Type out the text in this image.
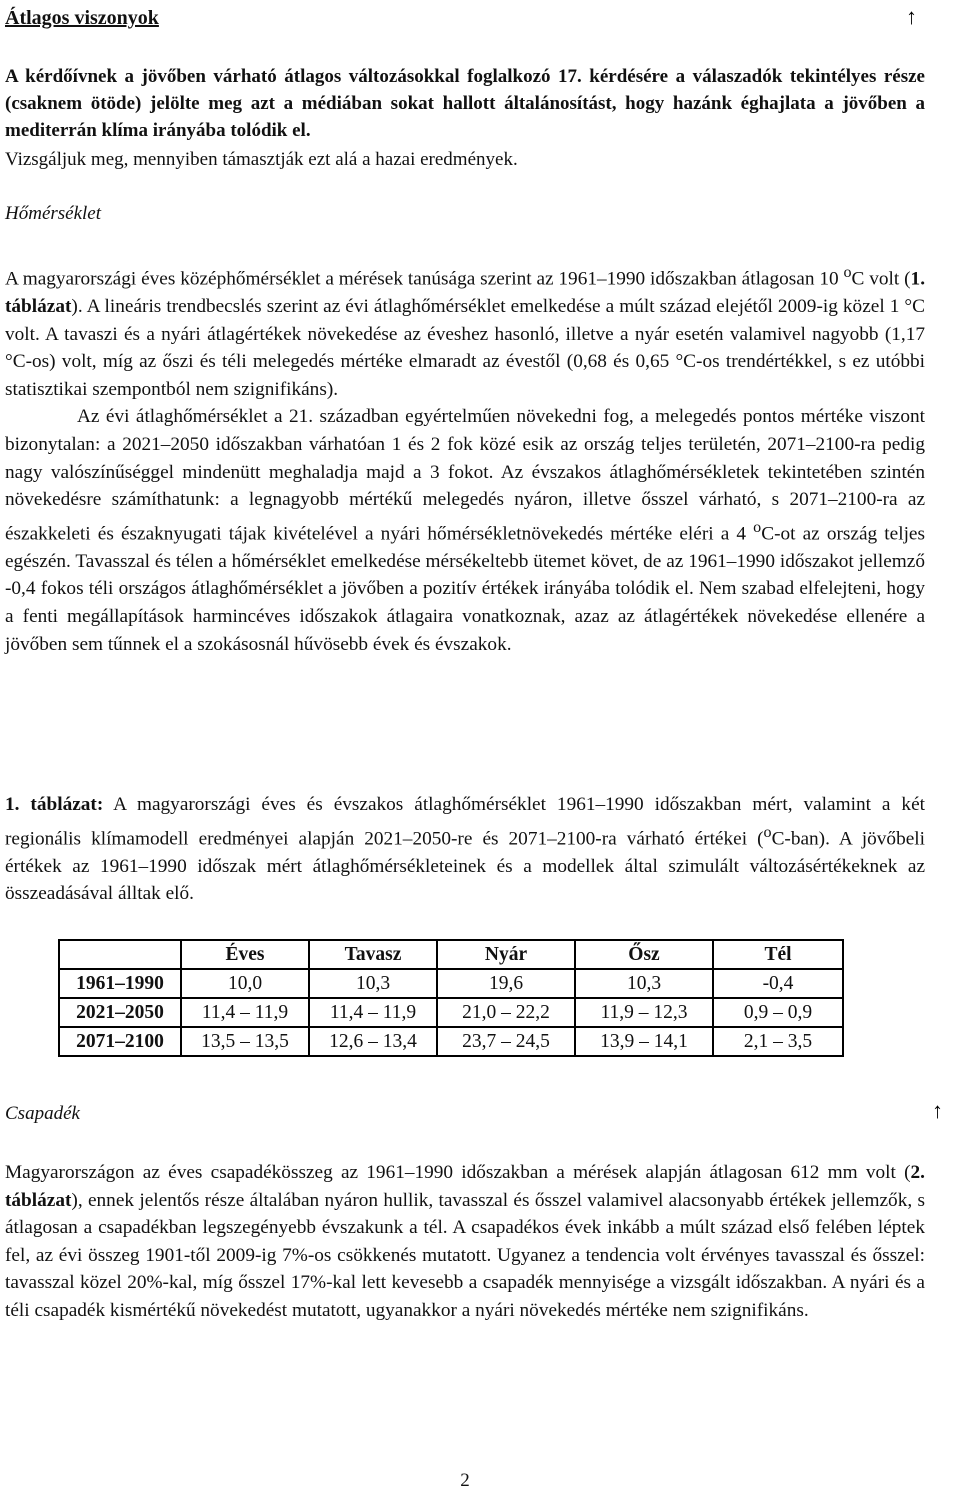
Átlagos viszonyok	↑

A kérdőívnek a jövőben várható átlagos változásokkal foglalkozó 17. kérdésére a válaszadók tekintélyes része (csaknem ötöde) jelölte meg azt a médiában sokat hallott általánosítást, hogy hazánk éghajlata a jövőben a mediterrán klíma irányába tolódik el.

Vizsgáljuk meg, mennyiben támasztják ezt alá a hazai eredmények.

Hőmérséklet

A magyarországi éves középhőmérséklet a mérések tanúsága szerint az 1961–1990 időszakban átlagosan 10 $^o$C volt (1. táblázat). A lineáris trendbecslés szerint az évi átlaghőmérséklet emelkedése a múlt század elejétől 2009-ig közel 1 °C volt. A tavaszi és a nyári átlagértékek növekedése az éveshez hasonló, illetve a nyár esetén valamivel nagyobb (1,17 °C-os) volt, míg az őszi és téli melegedés mértéke elmaradt az évestől (0,68 és 0,65 °C-os trendértékkel, s ez utóbbi statisztikai szempontból nem szignifikáns).

Az évi átlaghőmérséklet a 21. században egyértelműen növekedni fog, a melegedés pontos mértéke viszont bizonytalan: a 2021–2050 időszakban várhatóan 1 és 2 fok közé esik az ország teljes területén, 2071–2100-ra pedig nagy valószínűséggel mindenütt meghaladja majd a 3 fokot. Az évszakos átlaghőmérsékletek tekintetében szintén növekedésre számíthatunk: a legnagyobb mértékű melegedés nyáron, illetve ősszel várható, s 2071–2100-ra az északkeleti és északnyugati tájak kivételével a nyári hőmérsékletnövekedés mértéke eléri a 4 $^o$C-ot az ország teljes egészén. Tavasszal és télen a hőmérséklet emelkedése mérsékeltebb ütemet követ, de az 1961–1990 időszakot jellemző -0,4 fokos téli országos átlaghőmérséklet a jövőben a pozitív értékek irányába tolódik el. Nem szabad elfelejteni, hogy a fenti megállapítások harmincéves időszakok átlagaira vonatkoznak, azaz az átlagértékek növekedése ellenére a jövőben sem tűnnek el a szokásosnál hűvösebb évek és évszakok.

1. táblázat: A magyarországi éves és évszakos átlaghőmérséklet 1961–1990 időszakban mért, valamint a két regionális klímamodell eredményei alapján 2021–2050-re és 2071–2100-ra várható értékei ($^o$C-ban). A jövőbeli értékek az 1961–1990 időszak mért átlaghőmérsékleteinek és a modellek által szimulált változásértékeknek az összeadásával álltak elő.

	Éves	Tavasz	Nyár	Ősz	Tél
1961–1990	10,0	10,3	19,6	10,3	-0,4
2021–2050	11,4 – 11,9	11,4 – 11,9	21,0 – 22,2	11,9 – 12,3	0,9 – 0,9
2071–2100	13,5 – 13,5	12,6 – 13,4	23,7 – 24,5	13,9 – 14,1	2,1 – 3,5
Csapadék	↑

Magyarországon az éves csapadékösszeg az 1961–1990 időszakban a mérések alapján átlagosan 612 mm volt (2. táblázat), ennek jelentős része általában nyáron hullik, tavasszal és ősszel valamivel alacsonyabb értékek jellemzők, s átlagosan a csapadékban legszegényebb évszakunk a tél. A csapadékos évek inkább a múlt század első felében léptek fel, az évi összeg 1901-től 2009-ig 7%-os csökkenés mutatott. Ugyanez a tendencia volt érvényes tavasszal és ősszel: tavasszal közel 20%-kal, míg ősszel 17%-kal lett kevesebb a csapadék mennyisége a vizsgált időszakban. A nyári és a téli csapadék kismértékű növekedést mutatott, ugyanakkor a nyári növekedés mértéke nem szignifikáns.

2
